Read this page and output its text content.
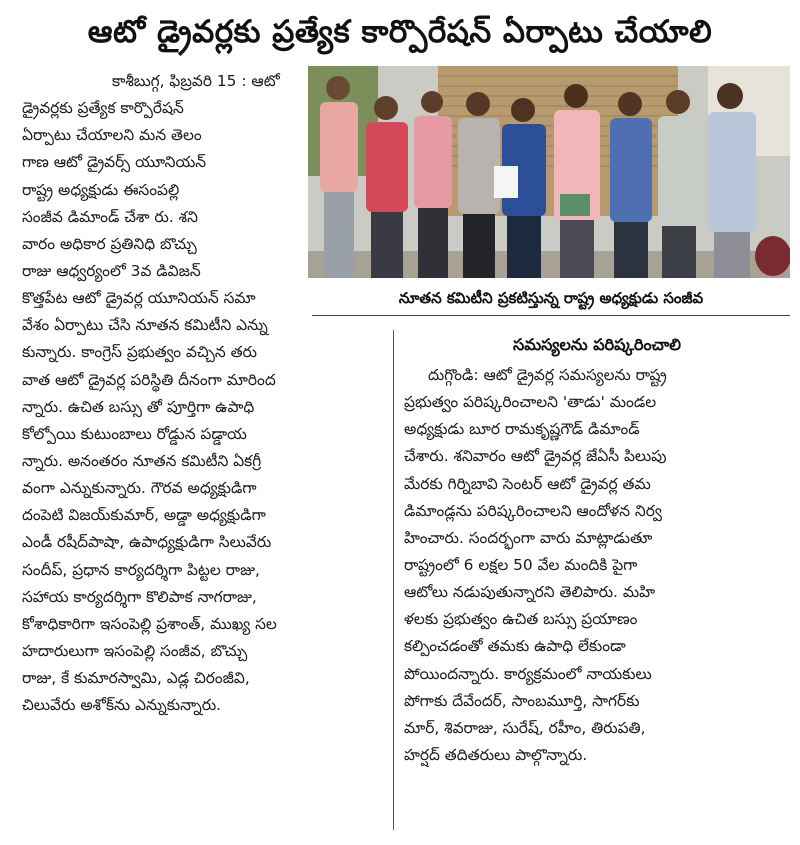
ఆటో డ్రైవర్లకు ప్రత్యేక కార్పొరేషన్ ఏర్పాటు చేయాలి
కాశీబుగ్గ, ఫిబ్రవరి 15 : ఆటో
డ్రైవర్లకు ప్రత్యేక కార్పొరేషన్
ఏర్పాటు చేయాలని మన తెలం
గాణ ఆటో డ్రైవర్స్ యూనియన్
రాష్ట్ర అధ్యక్షుడు ఈసంపల్లి
సంజీవ డిమాండ్ చేశా రు. శని
వారం అధికార ప్రతినిధి బొచ్చు
రాజు ఆధ్వర్యంలో 3వ డివిజన్
కొత్తపేట ఆటో డ్రైవర్ల యూనియన్ సమా
వేశం ఏర్పాటు చేసి నూతన కమిటీని ఎన్ను
కున్నారు. కాంగ్రెస్ ప్రభుత్వం వచ్చిన తరు
వాత ఆటో డ్రైవర్ల పరిస్థితి దీనంగా మారింద
న్నారు. ఉచిత బస్సు తో పూర్తిగా ఉపాధి
కోల్పోయి కుటుంబాలు రోడ్డున పడ్డాయ
న్నారు. అనంతరం నూతన కమిటీని ఏకగ్రీ
వంగా ఎన్నుకున్నారు. గౌరవ అధ్యక్షుడిగా
దంపెటి విజయ్‌కుమార్, అడ్డా అధ్యక్షుడిగా
ఎండీ రషీద్‌పాషా, ఉపాధ్యక్షుడిగా సిలువేరు
సందీప్, ప్రధాన కార్యదర్శిగా పిట్టల రాజు,
సహాయ కార్యదర్శిగా కొలిపాక నాగరాజు,
కోశాధికారిగా ఇసంపెల్లి ప్రశాంత్, ముఖ్య సల
హదారులుగా ఇసంపెల్లి సంజీవ, బొచ్చు
రాజు, కే కుమారస్వామి, ఎడ్ల చిరంజీవి,
చిలువేరు అశోక్‌ను ఎన్నుకున్నారు.
నూతన కమిటీని ప్రకటిస్తున్న రాష్ట్ర అధ్యక్షుడు సంజీవ
సమస్యలను పరిష్కరించాలి
దుగ్గొండి: ఆటో డ్రైవర్ల సమస్యలను రాష్ట్ర
ప్రభుత్వం పరిష్కరించాలని 'తాడు' మండల
అధ్యక్షుడు బూర రామకృష్ణగౌడ్ డిమాండ్
చేశారు. శనివారం ఆటో డ్రైవర్ల జేఏసీ పిలుపు
మేరకు గిర్నిబావి సెంటర్ ఆటో డ్రైవర్ల తమ
డిమాండ్లను పరిష్కరించాలని ఆందోళన నిర్వ
హించారు. సందర్భంగా వారు మాట్లాడుతూ
రాష్ట్రంలో 6 లక్షల 50 వేల మందికి పైగా
ఆటోలు నడుపుతున్నారని తెలిపారు. మహి
ళలకు ప్రభుత్వం ఉచిత బస్సు ప్రయాణం
కల్పించడంతో తమకు ఉపాధి లేకుండా
పోయిందన్నారు. కార్యక్రమంలో నాయకులు
పోగాకు దేవేందర్, సాంబమూర్తి, సాగర్‌కు
మార్, శివరాజు, సురేష్, రహీం, తిరుపతి,
హర్షద్ తదితరులు పాల్గొన్నారు.
